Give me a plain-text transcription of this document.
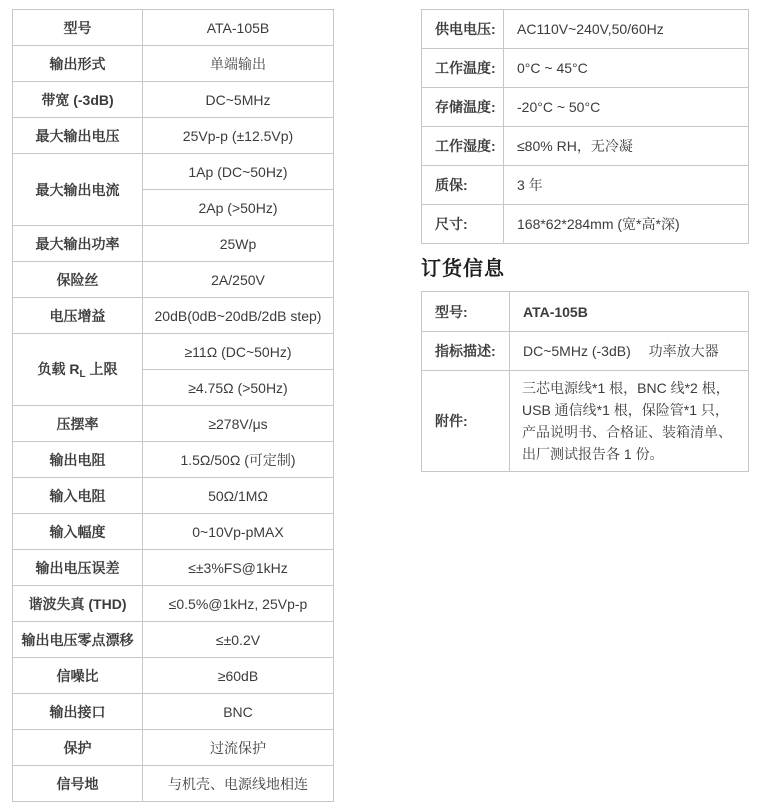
型号	ATA-105B
输出形式	单端输出
带宽 (-3dB)	DC~5MHz
最大输出电压	25Vp-p (±12.5Vp)
最大输出电流	1Ap (DC~50Hz)
	2Ap (>50Hz)
最大输出功率	25Wp
保险丝	2A/250V
电压增益	20dB(0dB~20dB/2dB step)
负载 $R_L$ 上限	≥11Ω (DC~50Hz)
	≥4.75Ω (>50Hz)
压摆率	≥278V/μs
输出电阻	1.5Ω/50Ω (可定制)
输入电阻	50Ω/1MΩ
输入幅度	0~10Vp-pMAX
输出电压误差	≤±3%FS@1kHz
谐波失真 (THD)	≤0.5%@1kHz, 25Vp-p
输出电压零点漂移	≤±0.2V
信噪比	≥60dB
输出接口	BNC
保护	过流保护
信号地	与机壳、电源线地相连
供电电压:	AC110V~240V,50/60Hz
工作温度:	0°C ~ 45°C
存储温度:	-20°C ~ 50°C
工作湿度:	≤80% RH，无冷凝
质保:	3 年
尺寸:	168*62*284mm (宽*高*深)
订货信息
型号:	ATA-105B
指标描述:	DC~5MHz (-3dB)　 功率放大器
附件:	三芯电源线*1 根，BNC 线*2 根，USB 通信线*1 根，保险管*1 只，产品说明书、合格证、装箱清单、出厂测试报告各 1 份。
